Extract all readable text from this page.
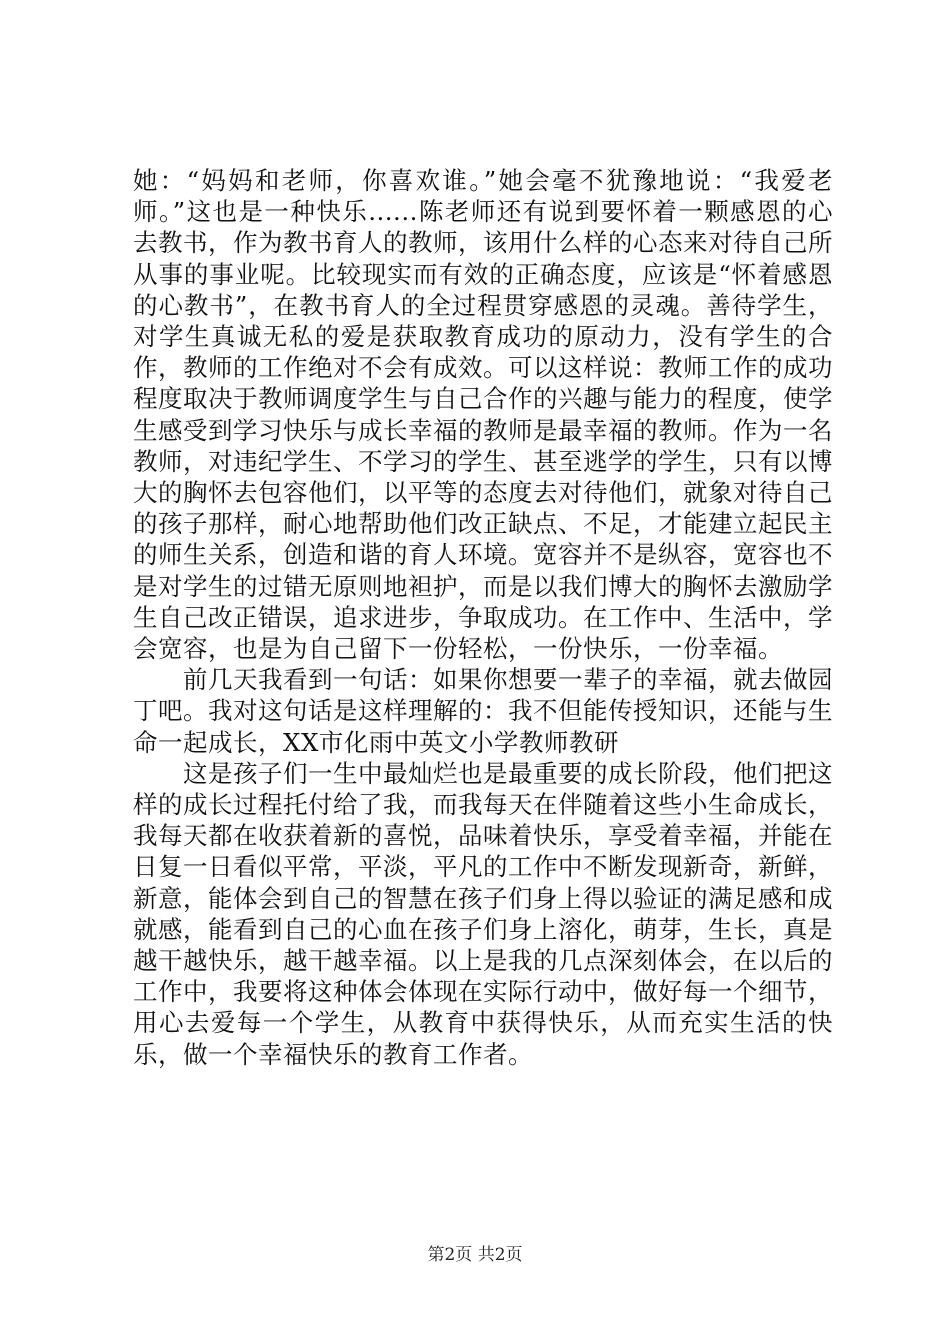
她：“妈妈和老师，你喜欢谁。”她会毫不犹豫地说：“我爱老师。”这也是一种快乐......陈老师还有说到要怀着一颗感恩的心去教书，作为教书育人的教师，该用什么样的心态来对待自己所从事的事业呢。比较现实而有效的正确态度，应该是“怀着感恩的心教书”，在教书育人的全过程贯穿感恩的灵魂。善待学生，对学生真诚无私的爱是获取教育成功的原动力，没有学生的合作，教师的工作绝对不会有成效。可以这样说：教师工作的成功程度取决于教师调度学生与自己合作的兴趣与能力的程度，使学生感受到学习快乐与成长幸福的教师是最幸福的教师。作为一名教师，对违纪学生、不学习的学生、甚至逃学的学生，只有以博大的胸怀去包容他们，以平等的态度去对待他们，就象对待自己的孩子那样，耐心地帮助他们改正缺点、不足，才能建立起民主的师生关系，创造和谐的育人环境。宽容并不是纵容，宽容也不是对学生的过错无原则地袒护，而是以我们博大的胸怀去激励学生自己改正错误，追求进步，争取成功。在工作中、生活中，学会宽容，也是为自己留下一份轻松，一份快乐，一份幸福。

前几天我看到一句话：如果你想要一辈子的幸福，就去做园丁吧。我对这句话是这样理解的：我不但能传授知识，还能与生命一起成长，XX市化雨中英文小学教师教研

这是孩子们一生中最灿烂也是最重要的成长阶段，他们把这样的成长过程托付给了我，而我每天在伴随着这些小生命成长，我每天都在收获着新的喜悦，品味着快乐，享受着幸福，并能在日复一日看似平常，平淡，平凡的工作中不断发现新奇，新鲜，新意，能体会到自己的智慧在孩子们身上得以验证的满足感和成就感，能看到自己的心血在孩子们身上溶化，萌芽，生长，真是越干越快乐，越干越幸福。以上是我的几点深刻体会，在以后的工作中，我要将这种体会体现在实际行动中，做好每一个细节，用心去爱每一个学生，从教育中获得快乐，从而充实生活的快乐，做一个幸福快乐的教育工作者。

第2页 共2页
